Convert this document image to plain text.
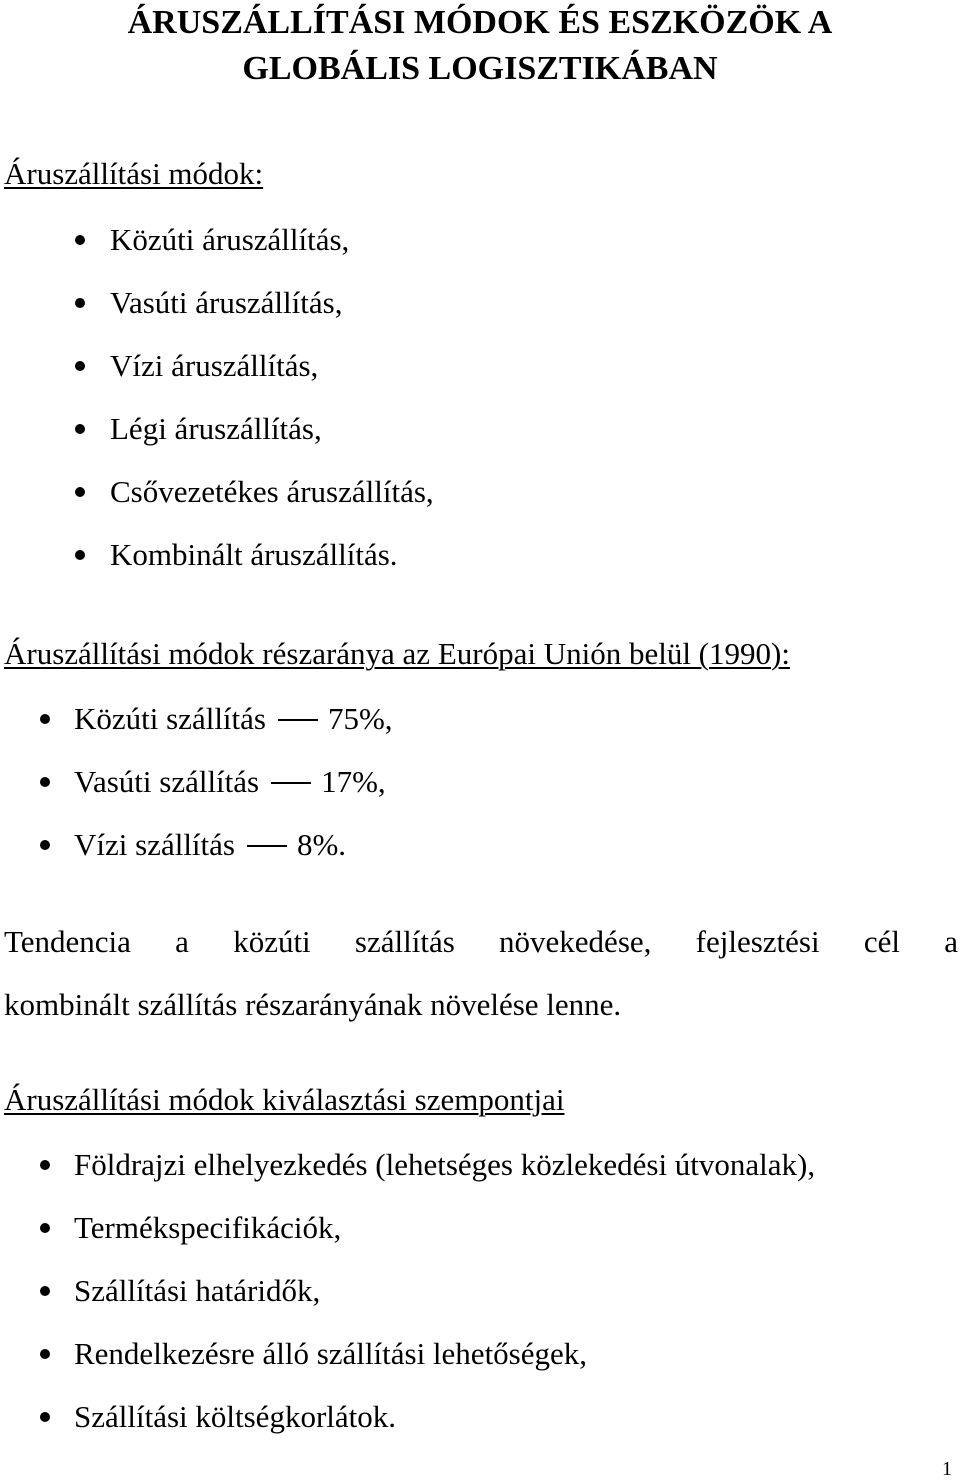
ÁRUSZÁLLÍTÁSI MÓDOK ÉS ESZKÖZÖK A
GLOBÁLIS LOGISZTIKÁBAN
Áruszállítási módok:
Közúti áruszállítás,
Vasúti áruszállítás,
Vízi áruszállítás,
Légi áruszállítás,
Csővezetékes áruszállítás,
Kombinált áruszállítás.
Áruszállítási módok részaránya az Európai Unión belül (1990):
Közúti szállítás 75%,
Vasúti szállítás 17%,
Vízi szállítás 8%.
Tendencia a közúti szállítás növekedése, fejlesztési cél a
kombinált szállítás részarányának növelése lenne.
Áruszállítási módok kiválasztási szempontjai
Földrajzi elhelyezkedés (lehetséges közlekedési útvonalak),
Termékspecifikációk,
Szállítási határidők,
Rendelkezésre álló szállítási lehetőségek,
Szállítási költségkorlátok.
1
